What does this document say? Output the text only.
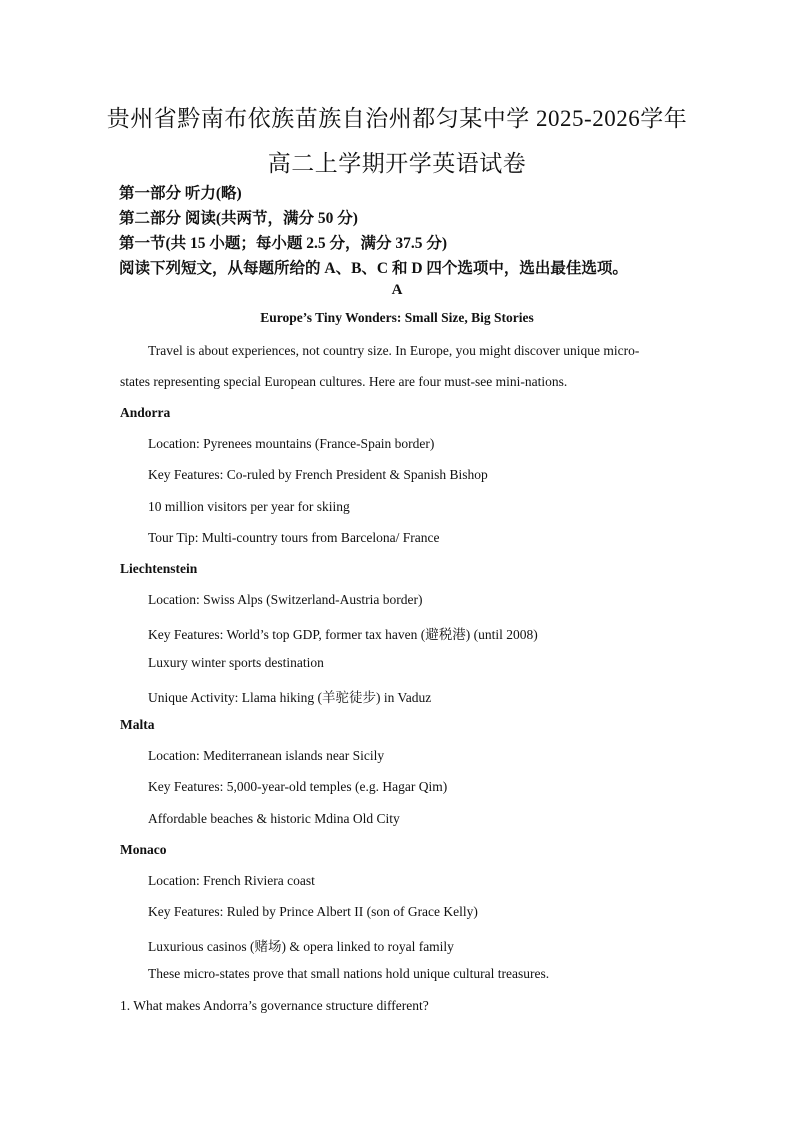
贵州省黔南布依族苗族自治州都匀某中学 2025-2026学年
高二上学期开学英语试卷
第一部分 听力(略)
第二部分 阅读(共两节，满分 50 分)
第一节(共 15 小题；每小题 2.5 分，满分 37.5 分)
阅读下列短文，从每题所给的 A、B、C 和 D 四个选项中，选出最佳选项。
A
Europe’s Tiny Wonders: Small Size, Big Stories
Travel is about experiences, not country size. In Europe, you might discover unique micro-
states representing special European cultures. Here are four must-see mini-nations.
Andorra
Location: Pyrenees mountains (France-Spain border)
Key Features: Co-ruled by French President & Spanish Bishop
10 million visitors per year for skiing
Tour Tip: Multi-country tours from Barcelona/ France
Liechtenstein
Location: Swiss Alps (Switzerland-Austria border)
Key Features: World’s top GDP, former tax haven (避税港) (until 2008)
Luxury winter sports destination
Unique Activity: Llama hiking (羊驼徒步) in Vaduz
Malta
Location: Mediterranean islands near Sicily
Key Features: 5,000-year-old temples (e.g. Hagar Qim)
Affordable beaches & historic Mdina Old City
Monaco
Location: French Riviera coast
Key Features: Ruled by Prince Albert II (son of Grace Kelly)
Luxurious casinos (赌场) & opera linked to royal family
These micro-states prove that small nations hold unique cultural treasures.
1. What makes Andorra’s governance structure different?
